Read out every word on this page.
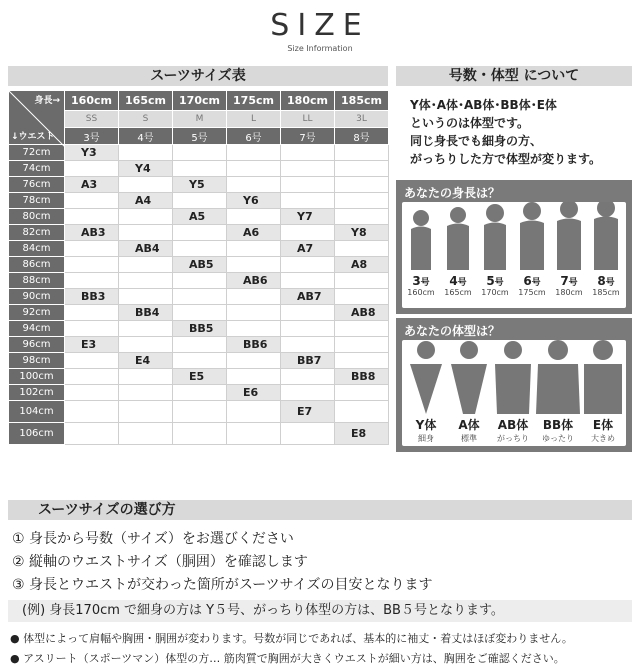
SIZE
Size Information
スーツサイズ表
身長→
↓ウエスト	160cm	165cm	170cm	175cm	180cm	185cm
	SS	S	M	L	LL	3L
	3号	4号	5号	6号	7号	8号
72cm	Y3					
74cm		Y4				
76cm	A3		Y5			
78cm		A4		Y6		
80cm			A5		Y7	
82cm	AB3			A6		Y8
84cm		AB4			A7	
86cm			AB5			A8
88cm				AB6		
90cm	BB3				AB7	
92cm		BB4				AB8
94cm			BB5			
96cm	E3			BB6		
98cm		E4			BB7	
100cm			E5			BB8
102cm				E6		
104cm					E7	
106cm						E8
号数・体型 について
Y体･A体･AB体･BB体･E体
というのは体型です。
同じ身長でも細身の方、
がっちりした方で体型が変ります。
あなたの身長は？
3号
160cm
4号
165cm
5号
170cm
6号
175cm
7号
180cm
8号
185cm
あなたの体型は？
Y体
細身
A体
標準
AB体
がっちり
BB体
ゆったり
E体
大きめ
スーツサイズの選び方
① 身長から号数（サイズ）をお選びください
② 縦軸のウエストサイズ（胴囲）を確認します
③ 身長とウエストが交わった箇所がスーツサイズの目安となります
(例) 身長170cm で細身の方は Y５号、がっちり体型の方は、BB５号となります。
● 体型によって肩幅や胸囲・胴囲が変わります。号数が同じであれば、基本的に袖丈・着丈はほぼ変わりません。
● アスリート（スポーツマン）体型の方… 筋肉質で胸囲が大きくウエストが細い方は、胸囲をご確認ください。
